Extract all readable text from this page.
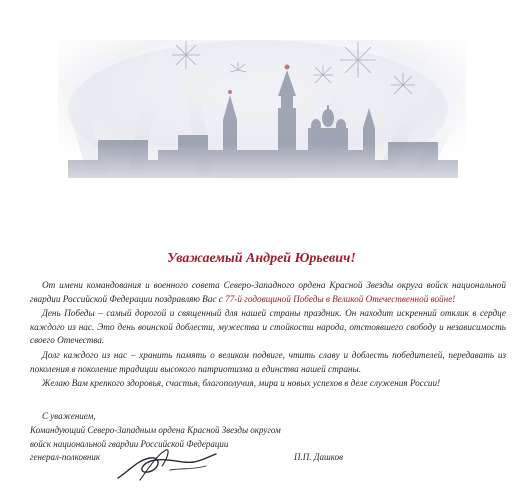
Уважаемый Андрей Юрьевич!

От имени командования и военного совета Северо-Западного ордена Красной Звезды округа войск национальной гвардии Российской Федерации поздравляю Вас с 77-й годовщиной Победы в Великой Отечественной войне!

День Победы – самый дорогой и священный для нашей страны праздник. Он находит искренний отклик в сердце каждого из нас. Это день воинской доблести, мужества и стойкости народа, отстоявшего свободу и независимость своего Отечества.

Долг каждого из нас – хранить память о великом подвиге, чтить славу и доблесть победителей, передавать из поколения в поколение традиции высокого патриотизма и единства нашей страны.

Желаю Вам крепкого здоровья, счастья, благополучия, мира и новых успехов в деле служения России!

С уважением,
Командующий Северо-Западным ордена Красной Звезды округом
войск национальной гвардии Российской Федерации
генерал-полковник	П.П. Дашков
